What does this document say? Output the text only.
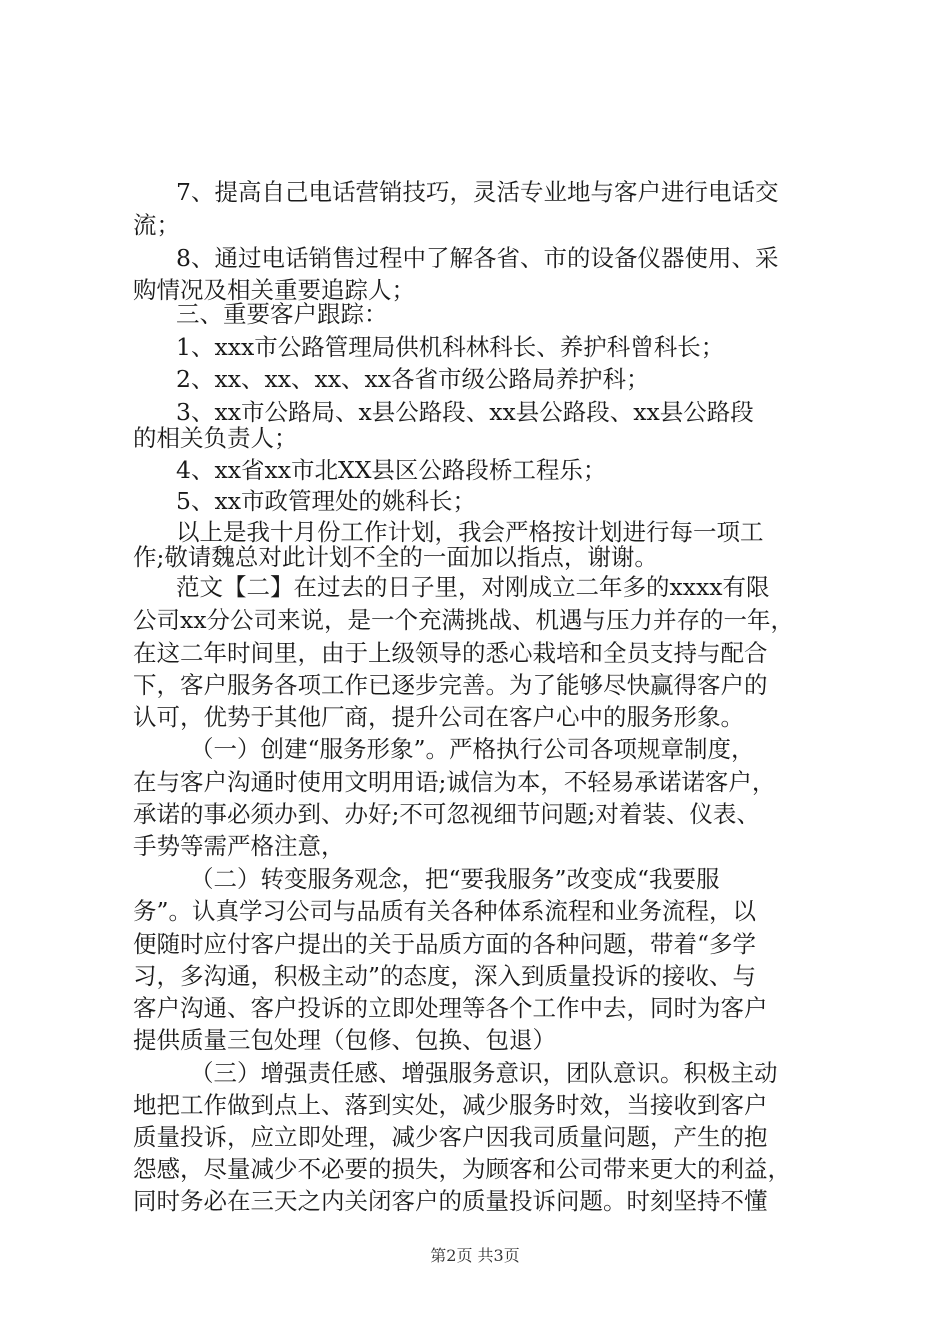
7、提高自己电话营销技巧，灵活专业地与客户进行电话交
流；
8、通过电话销售过程中了解各省、市的设备仪器使用、采
购情况及相关重要追踪人；
三、重要客户跟踪：
1、xxx市公路管理局供机科林科长、养护科曾科长；
2、xx、xx、xx、xx各省市级公路局养护科；
3、xx市公路局、x县公路段、xx县公路段、xx县公路段
的相关负责人；
4、xx省xx市北XX县区公路段桥工程乐；
5、xx市政管理处的姚科长；
以上是我十月份工作计划，我会严格按计划进行每一项工
作;敬请魏总对此计划不全的一面加以指点，谢谢。
范文【二】在过去的日子里，对刚成立二年多的xxxx有限
公司xx分公司来说，是一个充满挑战、机遇与压力并存的一年，
在这二年时间里，由于上级领导的悉心栽培和全员支持与配合
下，客户服务各项工作已逐步完善。为了能够尽快赢得客户的
认可，优势于其他厂商，提升公司在客户心中的服务形象。
（一）创建“服务形象”。严格执行公司各项规章制度，
在与客户沟通时使用文明用语;诚信为本，不轻易承诺诺客户，
承诺的事必须办到、办好;不可忽视细节问题;对着装、仪表、
手势等需严格注意，
（二）转变服务观念，把“要我服务”改变成“我要服
务”。认真学习公司与品质有关各种体系流程和业务流程，以
便随时应付客户提出的关于品质方面的各种问题，带着“多学
习，多沟通，积极主动”的态度，深入到质量投诉的接收、与
客户沟通、客户投诉的立即处理等各个工作中去，同时为客户
提供质量三包处理（包修、包换、包退）
（三）增强责任感、增强服务意识，团队意识。积极主动
地把工作做到点上、落到实处，减少服务时效，当接收到客户
质量投诉，应立即处理，减少客户因我司质量问题，产生的抱
怨感，尽量减少不必要的损失，为顾客和公司带来更大的利益，
同时务必在三天之内关闭客户的质量投诉问题。时刻坚持不懂
第2页 共3页
